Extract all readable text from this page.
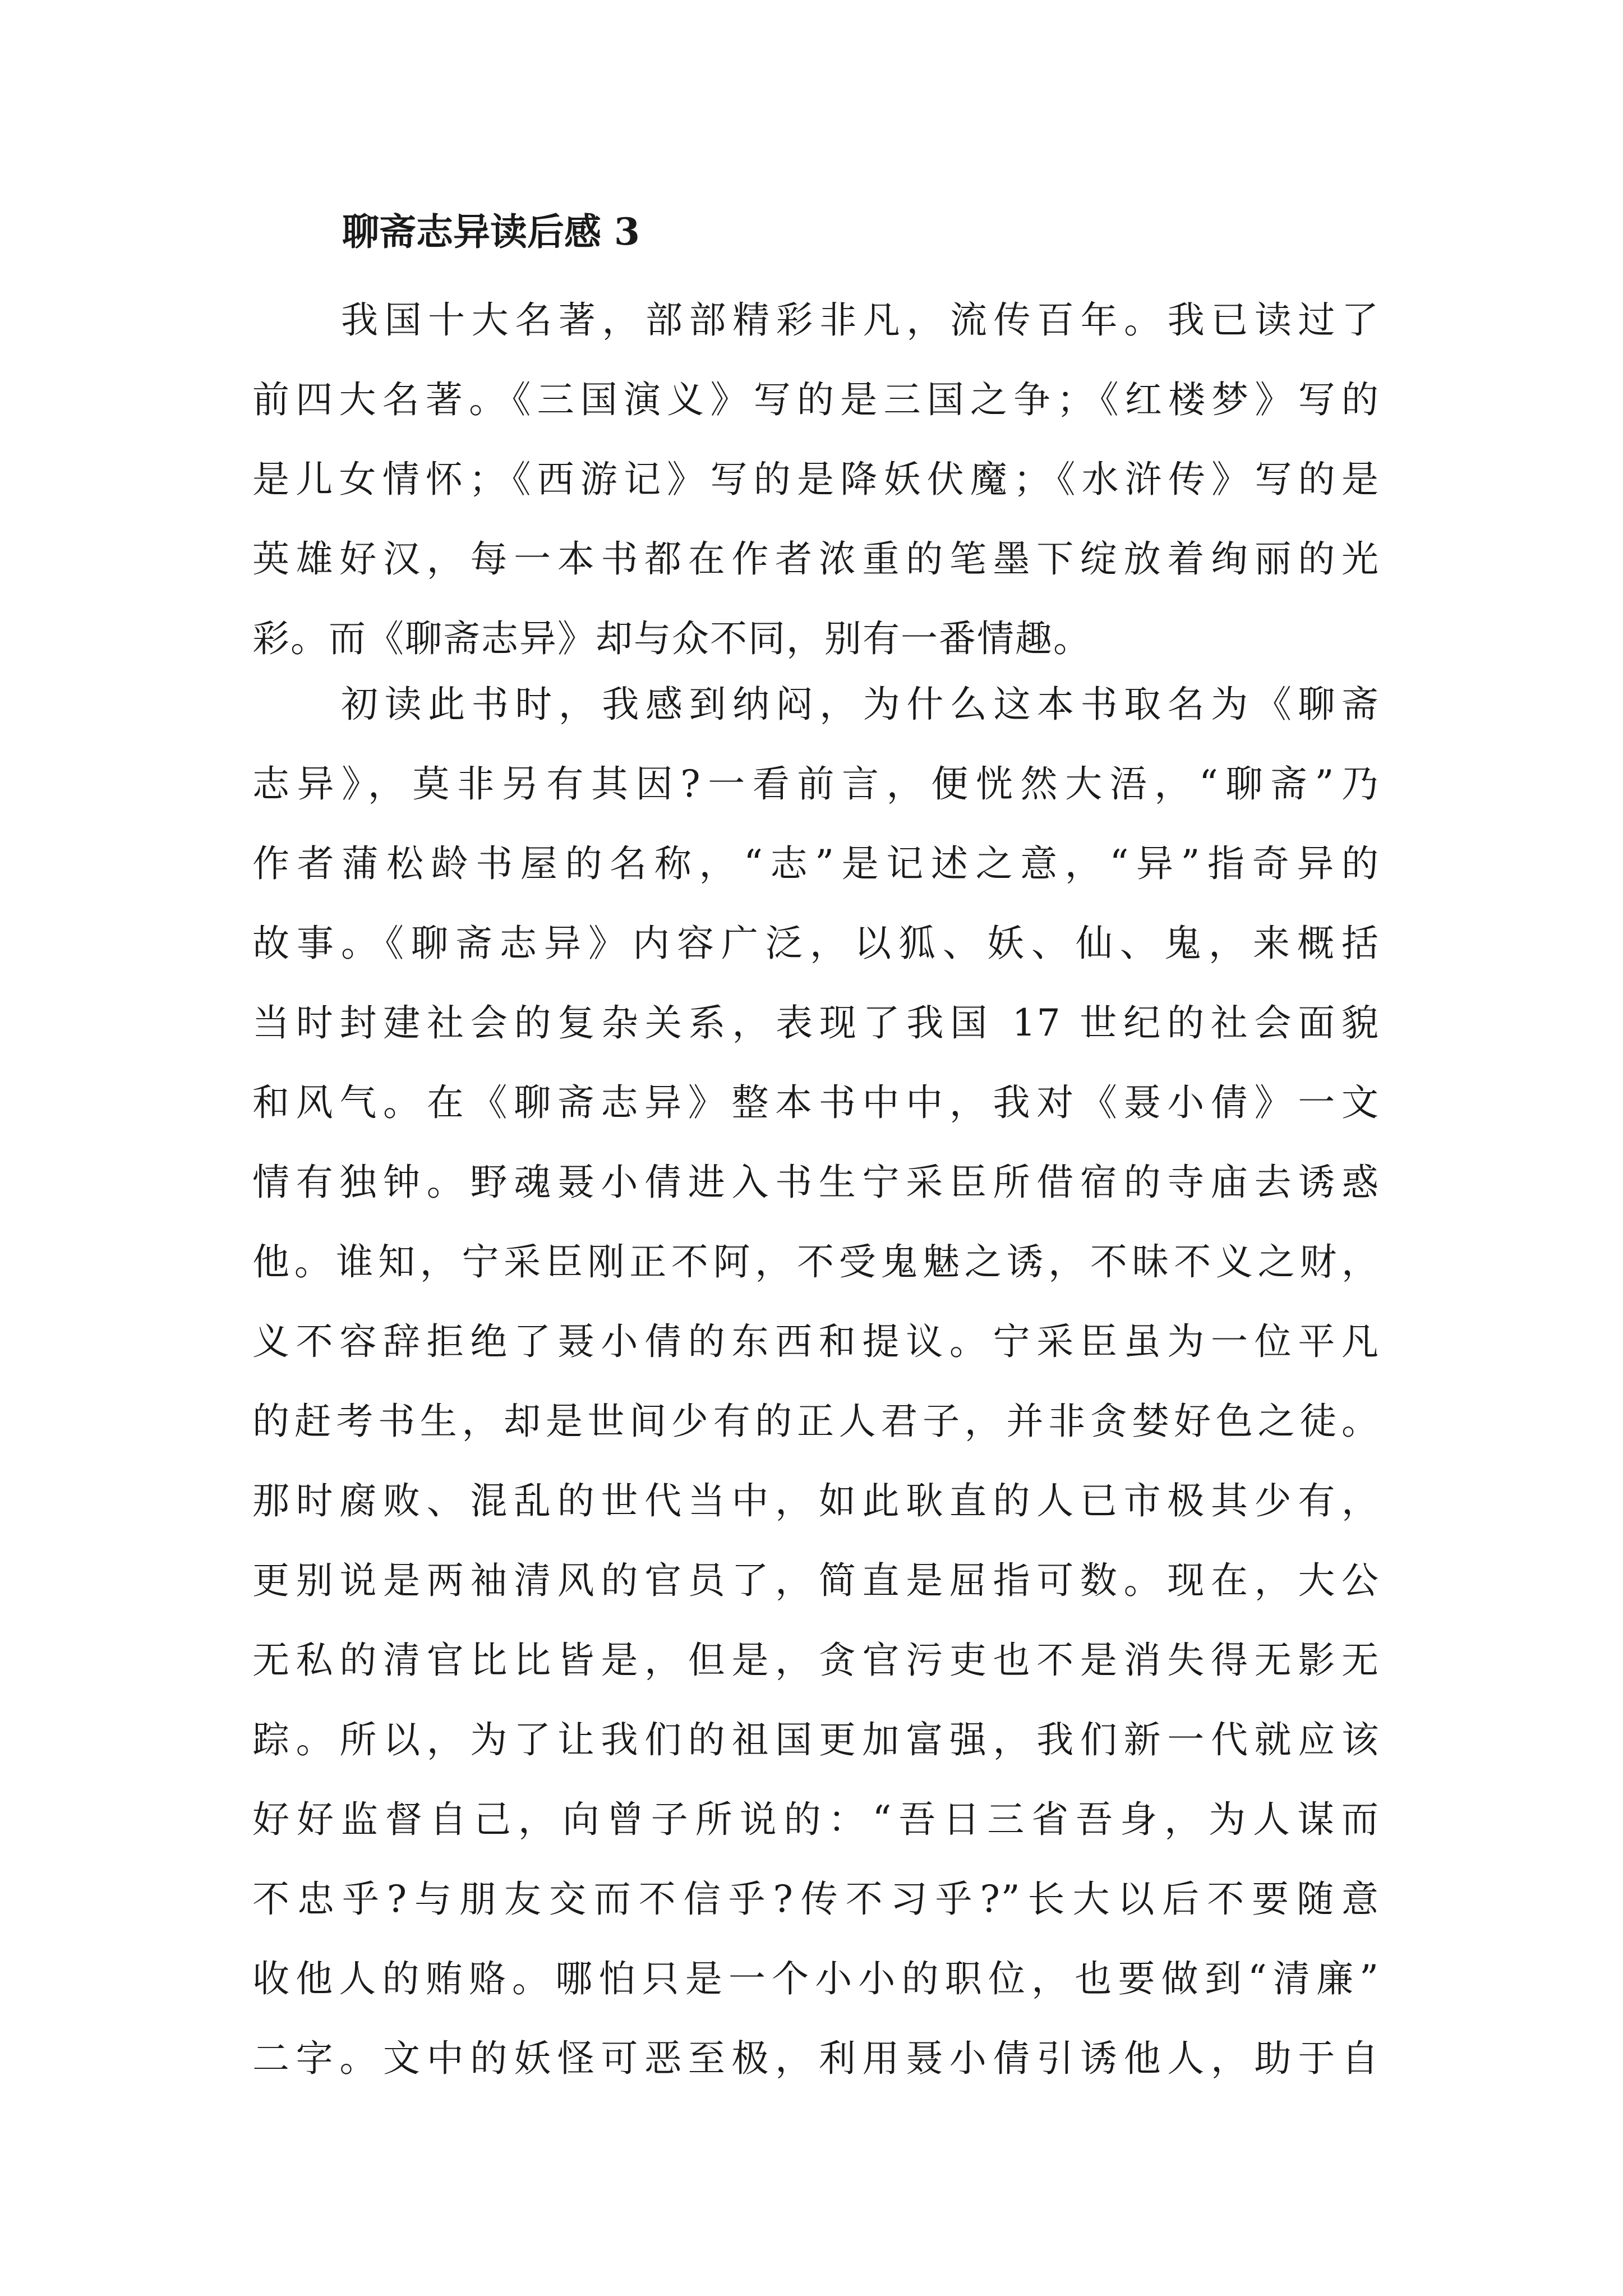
聊斋志异读后感 3
我国十大名著，部部精彩非凡，流传百年。我已读过了
前四大名著。《三国演义》写的是三国之争；《红楼梦》写的
是儿女情怀；《西游记》写的是降妖伏魔；《水浒传》写的是
英雄好汉，每一本书都在作者浓重的笔墨下绽放着绚丽的光
彩。而《聊斋志异》却与众不同，别有一番情趣。
初读此书时，我感到纳闷，为什么这本书取名为《聊斋
志异》，莫非另有其因?一看前言，便恍然大浯，“聊斋”乃
作者蒲松龄书屋的名称，“志”是记述之意，“异”指奇异的
故事。《聊斋志异》内容广泛，以狐、妖、仙、鬼，来概括
当时封建社会的复杂关系，表现了我国 17 世纪的社会面貌
和风气。在《聊斋志异》整本书中中，我对《聂小倩》一文
情有独钟。野魂聂小倩进入书生宁采臣所借宿的寺庙去诱惑
他。谁知，宁采臣刚正不阿，不受鬼魅之诱，不昧不义之财，
义不容辞拒绝了聂小倩的东西和提议。宁采臣虽为一位平凡
的赶考书生，却是世间少有的正人君子，并非贪婪好色之徒。
那时腐败、混乱的世代当中，如此耿直的人已市极其少有，
更别说是两袖清风的官员了，简直是屈指可数。现在，大公
无私的清官比比皆是，但是，贪官污吏也不是消失得无影无
踪。所以，为了让我们的祖国更加富强，我们新一代就应该
好好监督自己，向曾子所说的：“吾日三省吾身，为人谋而
不忠乎?与朋友交而不信乎?传不习乎?”长大以后不要随意
收他人的贿赂。哪怕只是一个小小的职位，也要做到“清廉”
二字。文中的妖怪可恶至极，利用聂小倩引诱他人，助于自
